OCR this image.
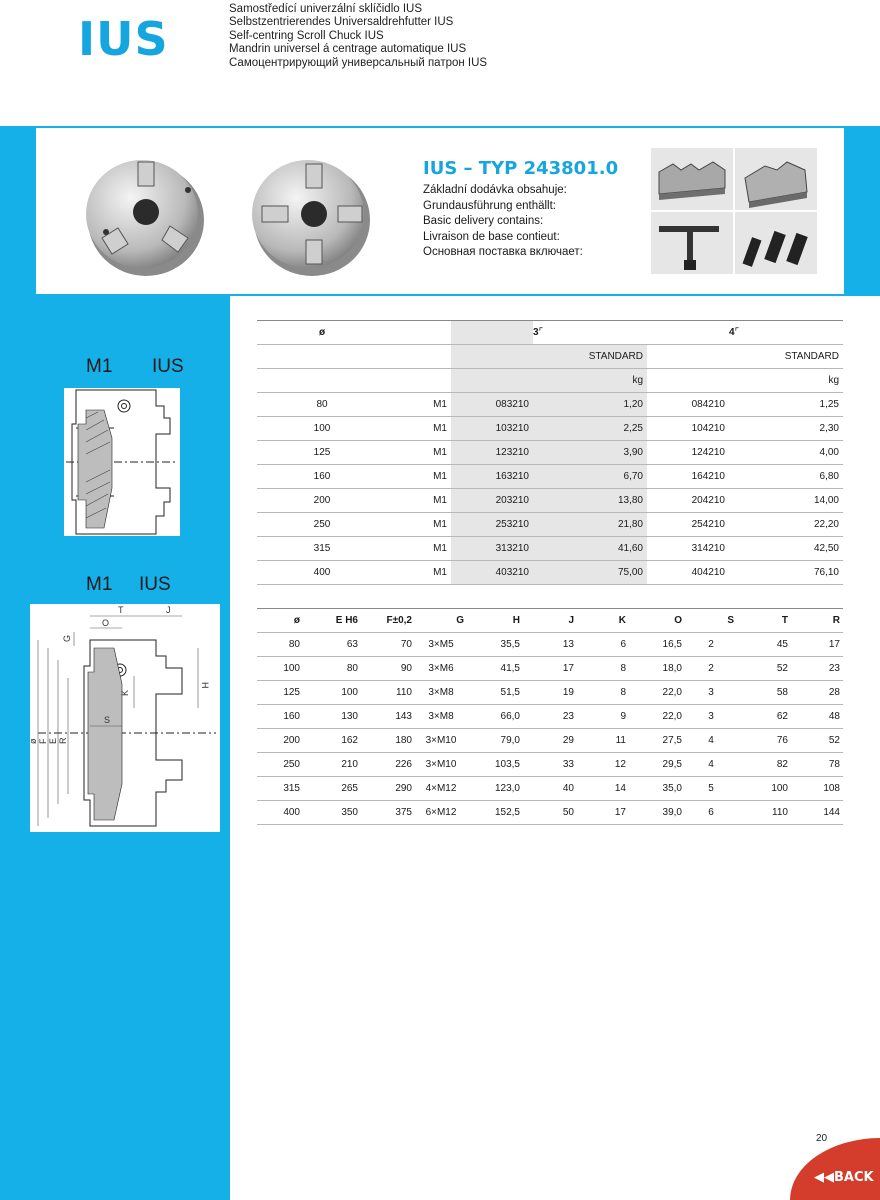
IUS
Samostředící univerzální sklíčidlo IUS
Selbstzentrierendes Universaldrehfutter IUS
Self-centring Scroll Chuck IUS
Mandrin universel á centrage automatique IUS
Самоцентрирующий универсальный патрон IUS
IUS – TYP 243801.0
Základní dodávka obsahuje:
Grundausführung enthällt:
Basic delivery contains:
Livraison de base contieut:
Основная поставка включает:
M1 IUS
M1 IUS
T	J
O
G
H
K
S
ø F E R
ø			3⌜		4⌜
			STANDARD		STANDARD
			kg		kg
80	M1	083210	1,20	084210	1,25
100	M1	103210	2,25	104210	2,30
125	M1	123210	3,90	124210	4,00
160	M1	163210	6,70	164210	6,80
200	M1	203210	13,80	204210	14,00
250	M1	253210	21,80	254210	22,20
315	M1	313210	41,60	314210	42,50
400	M1	403210	75,00	404210	76,10
ø	E H6	F±0,2	G	H	J	K	O	S	T	R
80	63	70	3×M5	35,5	13	6	16,5	2	45	17
100	80	90	3×M6	41,5	17	8	18,0	2	52	23
125	100	110	3×M8	51,5	19	8	22,0	3	58	28
160	130	143	3×M8	66,0	23	9	22,0	3	62	48
200	162	180	3×M10	79,0	29	11	27,5	4	76	52
250	210	226	3×M10	103,5	33	12	29,5	4	82	78
315	265	290	4×M12	123,0	40	14	35,0	5	100	108
400	350	375	6×M12	152,5	50	17	39,0	6	110	144
20
◀◀BACK
